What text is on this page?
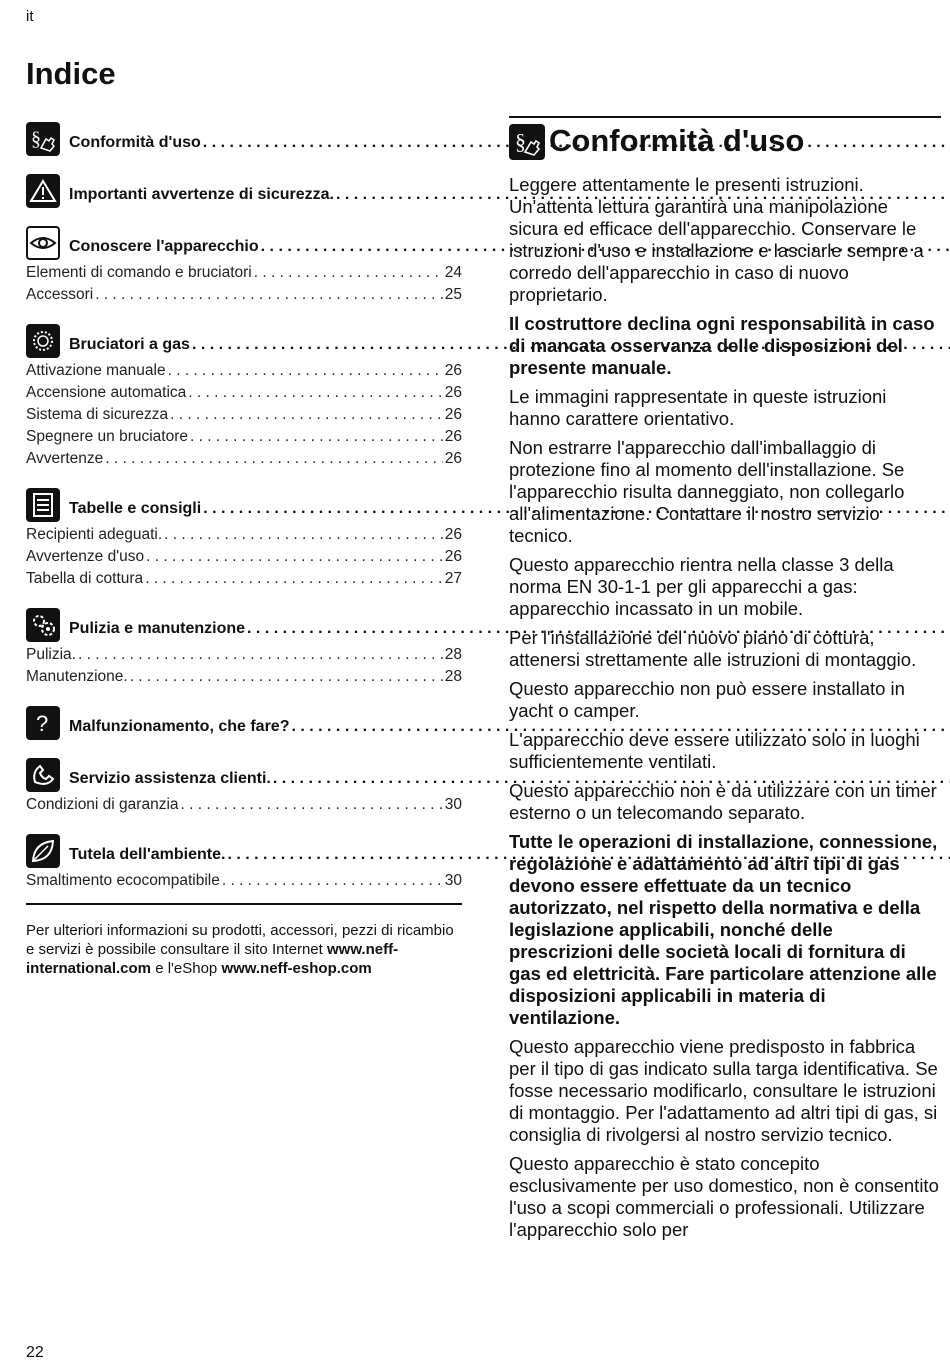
it
Indice
§ Conformità d'uso
. . .
Importanti avvertenze di sicurezza.
. . .
Conoscere l'apparecchio
. . .
Elementi di comando e bruciatori . . .	24
Accessori . . .	25
Bruciatori a gas
. . .
Attivazione manuale . . .	26
Accensione automatica . . .	26
Sistema di sicurezza . . .	26
Spegnere un bruciatore . . .	26
Avvertenze . . .	26
Tabelle e consigli
. . .
Recipienti adeguati. . . .	26
Avvertenze d'uso . . .	26
Tabella di cottura . . .	27
Pulizia e manutenzione
. . .
Pulizia. . . .	28
Manutenzione. . . .	28
? Malfunzionamento, che fare?
. . .
Servizio assistenza clienti.
. . .
Condizioni di garanzia . . .	30
Tutela dell'ambiente.
. . .
Smaltimento ecocompatibile . . .	30
Per ulteriori informazioni su prodotti, accessori, pezzi di ricambio e servizi è possibile consultare il sito Internet www.neff-international.com e l'eShop www.neff-eshop.com
§ Conformità d'uso

Leggere attentamente le presenti istruzioni. Un'attenta lettura garantirà una manipolazione sicura ed efficace dell'apparecchio. Conservare le istruzioni d'uso e installazione e lasciarle sempre a corredo dell'apparecchio in caso di nuovo proprietario.

Il costruttore declina ogni responsabilità in caso di mancata osservanza delle disposizioni del presente manuale.

Le immagini rappresentate in queste istruzioni hanno carattere orientativo.

Non estrarre l'apparecchio dall'imballaggio di protezione fino al momento dell'installazione. Se l'apparecchio risulta danneggiato, non collegarlo all'alimentazione. Contattare il nostro servizio tecnico.

Questo apparecchio rientra nella classe 3 della norma EN 30-1-1 per gli apparecchi a gas: apparecchio incassato in un mobile.

Per l'installazione del nuovo piano di cottura, attenersi strettamente alle istruzioni di montaggio.

Questo apparecchio non può essere installato in yacht o camper.

L'apparecchio deve essere utilizzato solo in luoghi sufficientemente ventilati.

Questo apparecchio non è da utilizzare con un timer esterno o un telecomando separato.

Tutte le operazioni di installazione, connessione, regolazione e adattamento ad altri tipi di gas devono essere effettuate da un tecnico autorizzato, nel rispetto della normativa e della legislazione applicabili, nonché delle prescrizioni delle società locali di fornitura di gas ed elettricità. Fare particolare attenzione alle disposizioni applicabili in materia di ventilazione.

Questo apparecchio viene predisposto in fabbrica per il tipo di gas indicato sulla targa identificativa. Se fosse necessario modificarlo, consultare le istruzioni di montaggio. Per l'adattamento ad altri tipi di gas, si consiglia di rivolgersi al nostro servizio tecnico.

Questo apparecchio è stato concepito esclusivamente per uso domestico, non è consentito l'uso a scopi commerciali o professionali. Utilizzare l'apparecchio solo per

22
